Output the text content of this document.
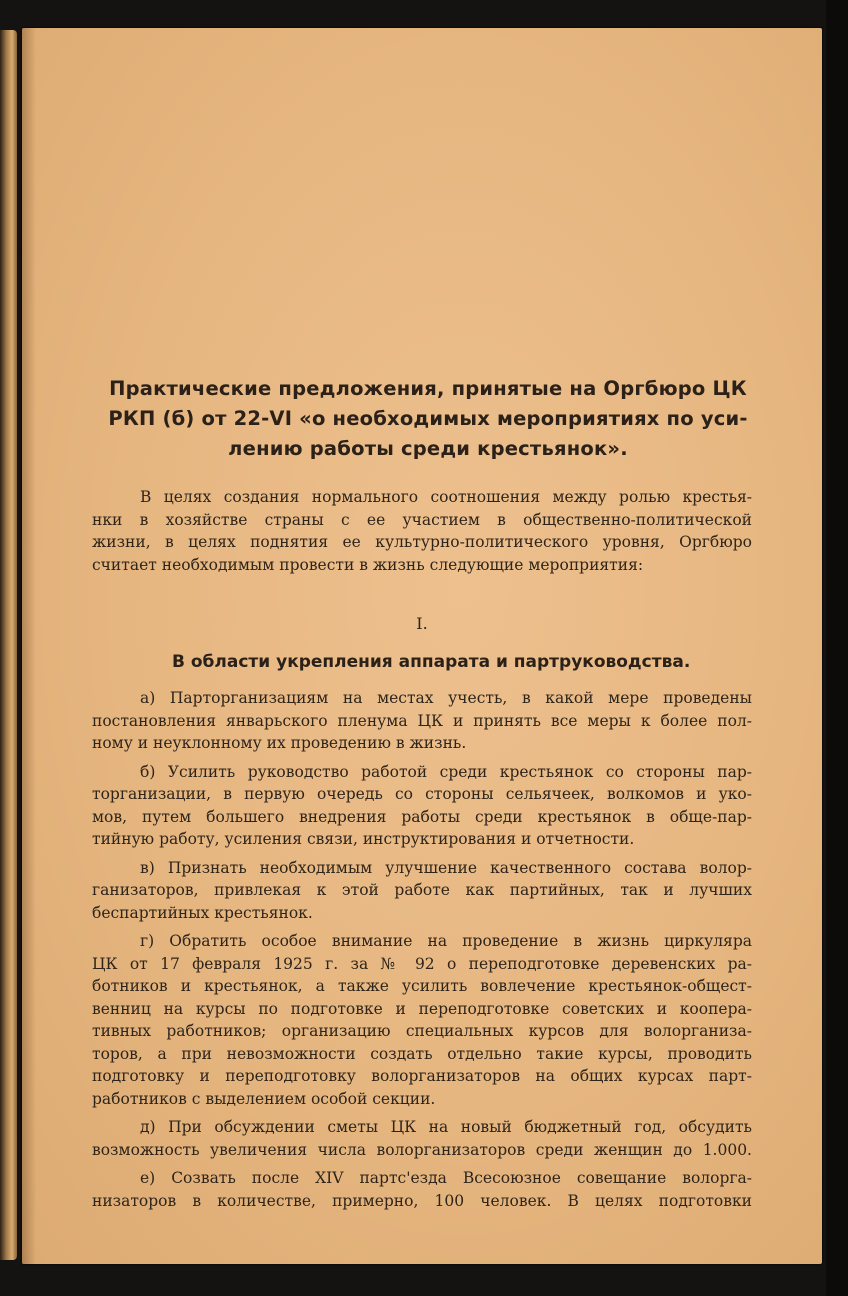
Практические предложения, принятые на Оргбюро ЦК
РКП (б) от 22-VI «о необходимых мероприятиях по уси-
лению работы среди крестьянок».
В целях создания нормального соотношения между ролью крестья-
нки в хозяйстве страны с ее участием в общественно-политической
жизни, в целях поднятия ее культурно-политического уровня, Оргбюро
считает необходимым провести в жизнь следующие мероприятия:
I.
В области укрепления аппарата и партруководства.
а) Парторганизациям на местах учесть, в какой мере проведены
постановления январьского пленума ЦК и принять все меры к более пол-
ному и неуклонному их проведению в жизнь.
б) Усилить руководство работой среди крестьянок со стороны пар-
торганизации, в первую очередь со стороны сельячеек, волкомов и уко-
мов, путем большего внедрения работы среди крестьянок в обще-пар-
тийную работу, усиления связи, инструктирования и отчетности.
в) Признать необходимым улучшение качественного состава волор-
ганизаторов, привлекая к этой работе как партийных, так и лучших
беспартийных крестьянок.
г) Обратить особое внимание на проведение в жизнь циркуляра
ЦК от 17 февраля 1925 г. за № 92 о переподготовке деревенских ра-
ботников и крестьянок, а также усилить вовлечение крестьянок-общест-
венниц на курсы по подготовке и переподготовке советских и коопера-
тивных работников; организацию специальных курсов для волорганиза-
торов, а при невозможности создать отдельно такие курсы, проводить
подготовку и переподготовку волорганизаторов на общих курсах парт-
работников с выделением особой секции.
д) При обсуждении сметы ЦК на новый бюджетный год, обсудить
возможность увеличения числа волорганизаторов среди женщин до 1.000.
е) Созвать после XIV партс'езда Всесоюзное совещание волорга-
низаторов в количестве, примерно, 100 человек. В целях подготовки
